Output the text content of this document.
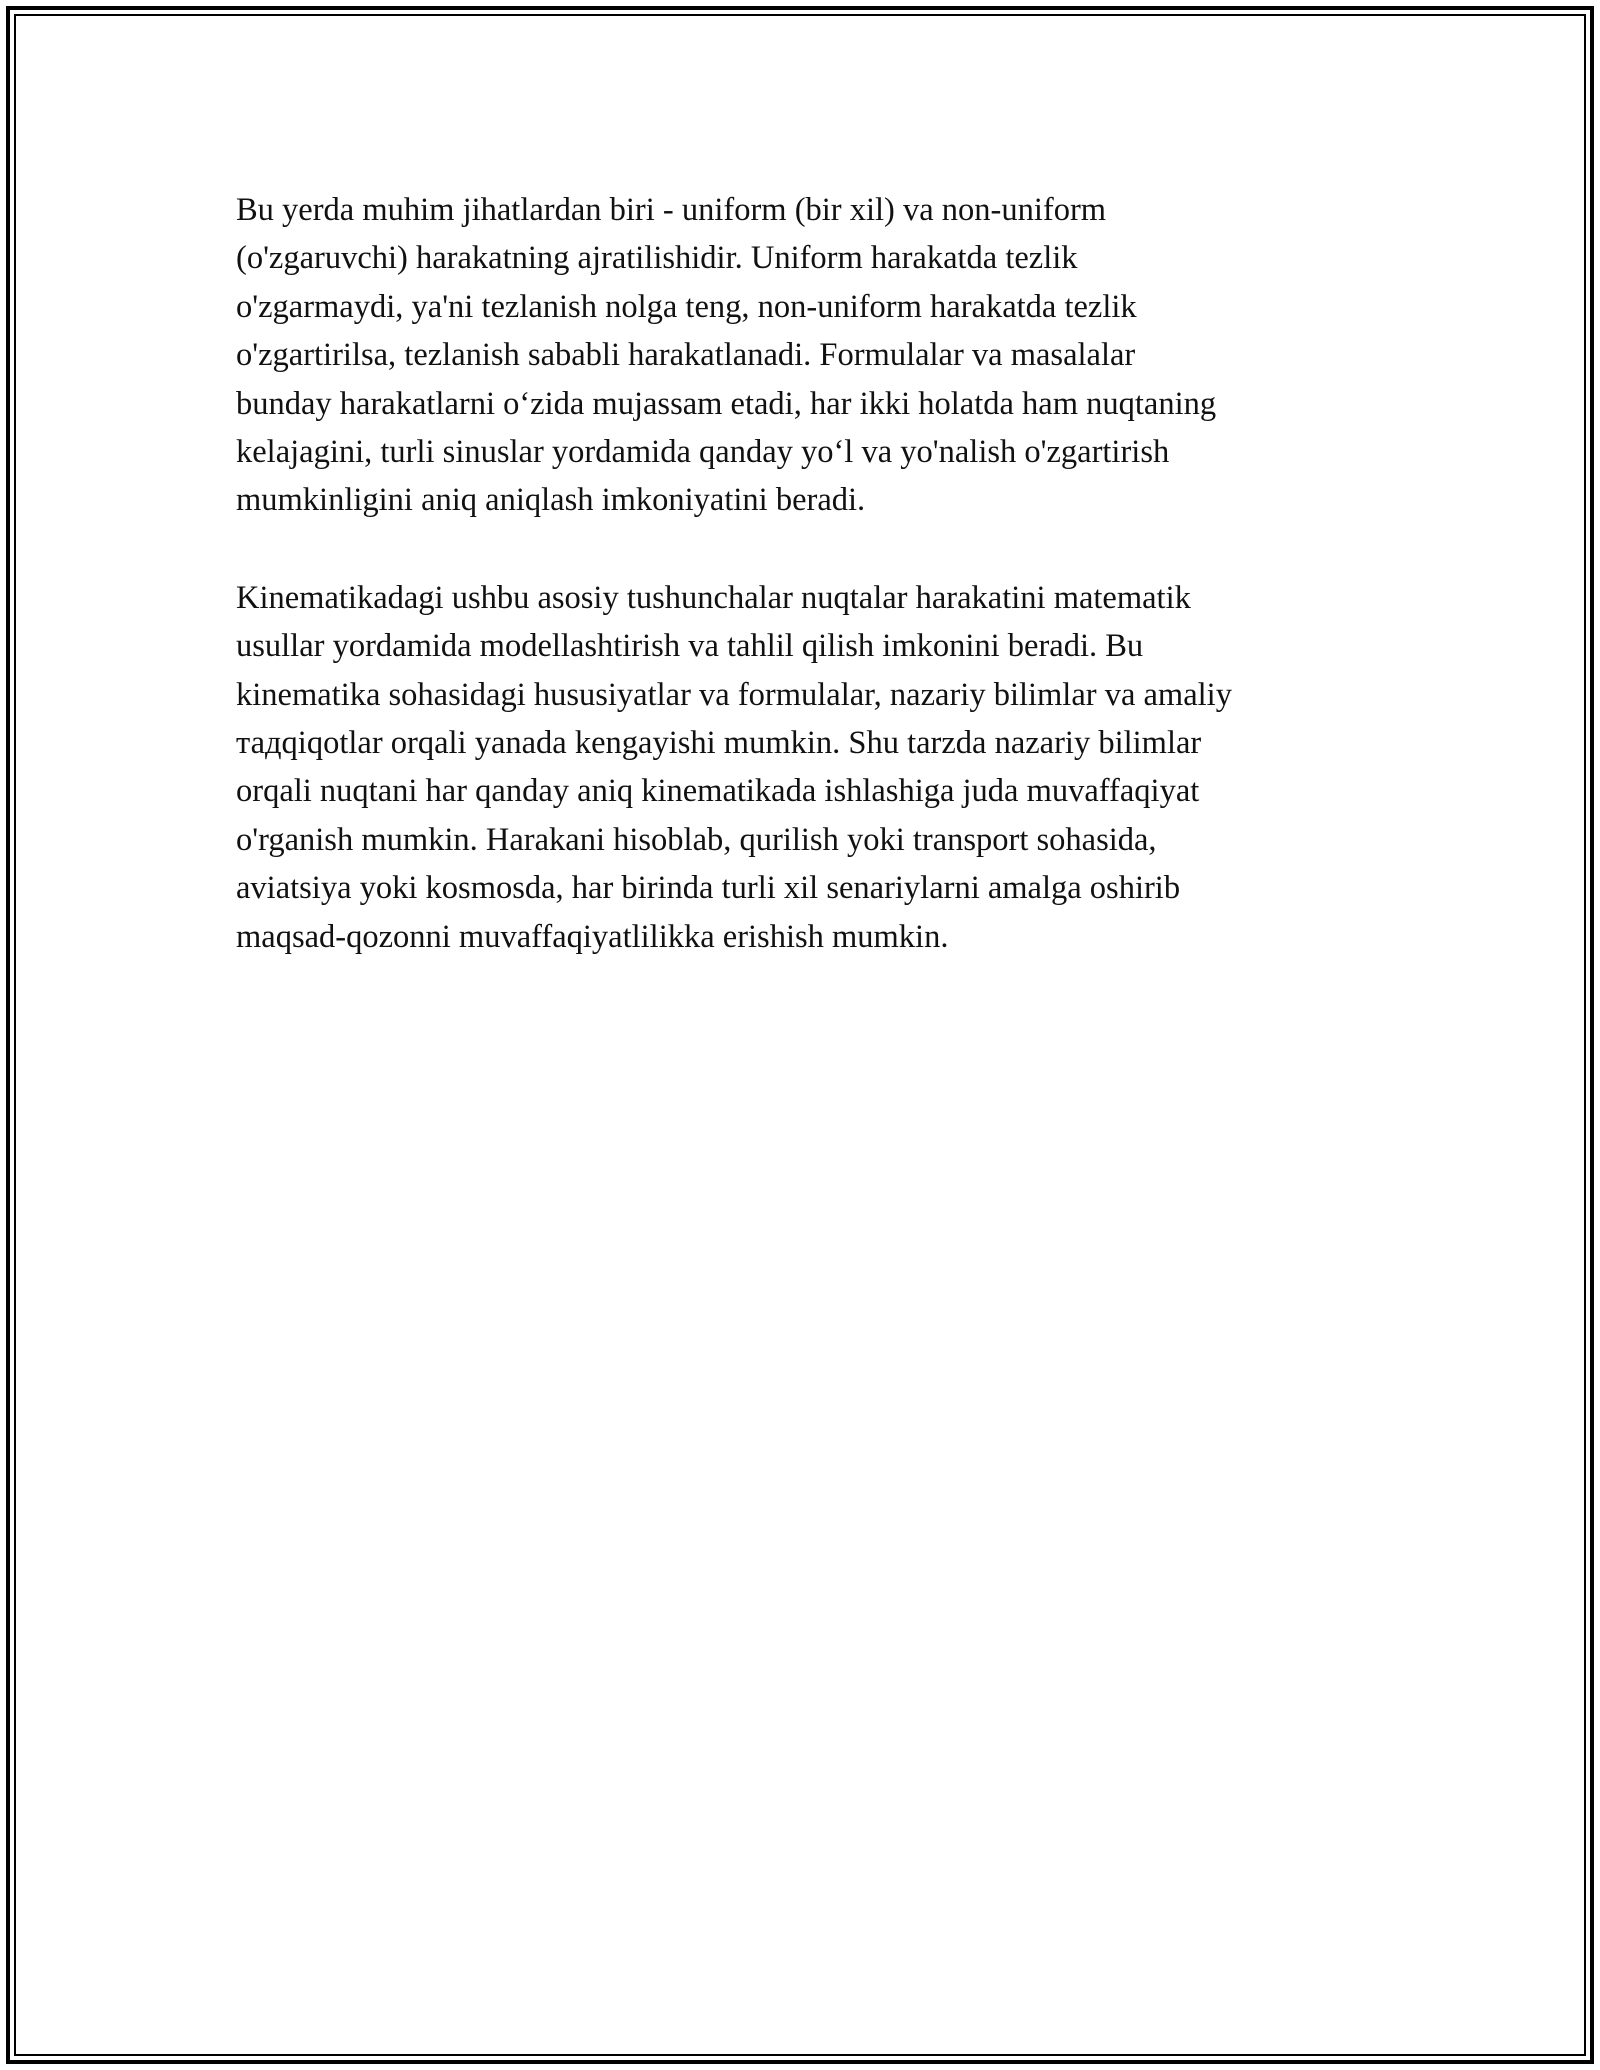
Bu yerda muhim jihatlardan biri - uniform (bir xil) va non-uniform
(o'zgaruvchi) harakatning ajratilishidir. Uniform harakatda tezlik
o'zgarmaydi, ya'ni tezlanish nolga teng, non-uniform harakatda tezlik
o'zgartirilsa, tezlanish sababli harakatlanadi. Formulalar va masalalar
bunday harakatlarni o‘zida mujassam etadi, har ikki holatda ham nuqtaning
kelajagini, turli sinuslar yordamida qanday yo‘l va yo'nalish o'zgartirish
mumkinligini aniq aniqlash imkoniyatini beradi.

Kinematikadagi ushbu asosiy tushunchalar nuqtalar harakatini matematik
usullar yordamida modellashtirish va tahlil qilish imkonini beradi. Bu
kinematika sohasidagi hususiyatlar va formulalar, nazariy bilimlar va amaliy
тадqiqotlar orqali yanada kengayishi mumkin. Shu tarzda nazariy bilimlar
orqali nuqtani har qanday aniq kinematikada ishlashiga juda muvaffaqiyat
o'rganish mumkin. Harakani hisoblab, qurilish yoki transport sohasida,
aviatsiya yoki kosmosda, har birinda turli xil senariylarni amalga oshirib
maqsad-qozonni muvaffaqiyatlilikka erishish mumkin.
